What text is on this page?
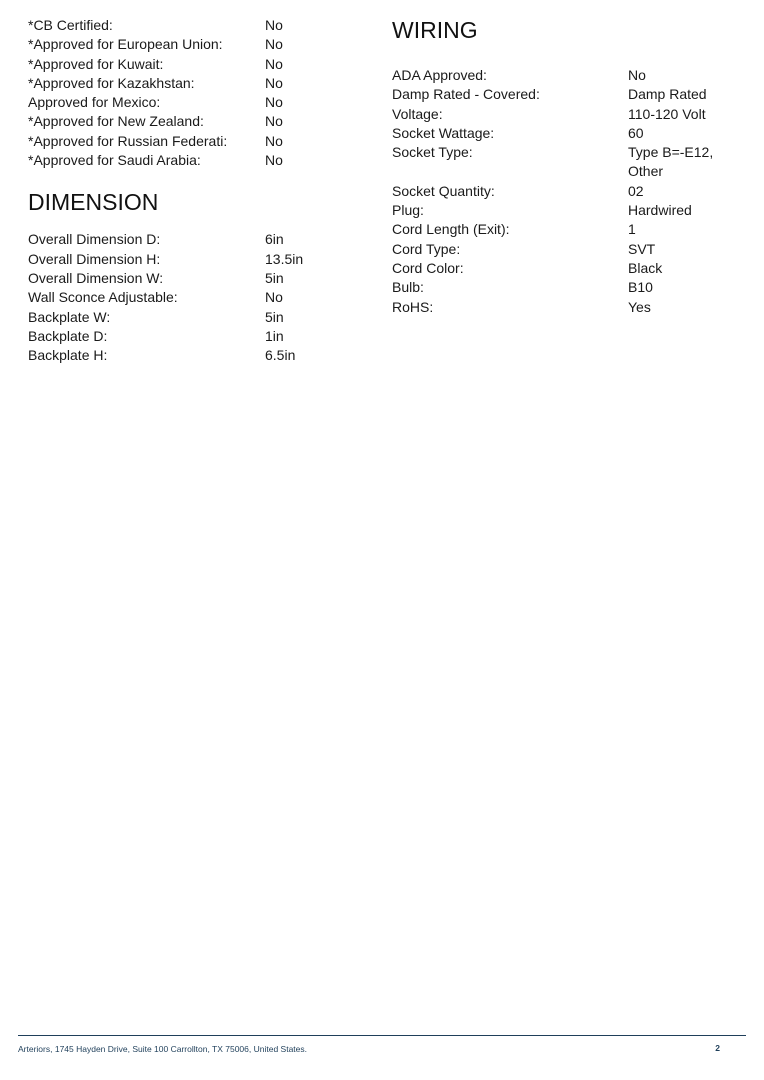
*CB Certified:	No
*Approved for European Union:	No
*Approved for Kuwait:	No
*Approved for Kazakhstan:	No
Approved for Mexico:	No
*Approved for New Zealand:	No
*Approved for Russian Federati:	No
*Approved for Saudi Arabia:	No
DIMENSION
Overall Dimension D:	6in
Overall Dimension H:	13.5in
Overall Dimension W:	5in
Wall Sconce Adjustable:	No
Backplate W:	5in
Backplate D:	1in
Backplate H:	6.5in
WIRING
ADA Approved:	No
Damp Rated - Covered:	Damp Rated
Voltage:	110-120 Volt
Socket Wattage:	60
Socket Type:	Type B=-E12, Other
Socket Quantity:	02
Plug:	Hardwired
Cord Length (Exit):	1
Cord Type:	SVT
Cord Color:	Black
Bulb:	B10
RoHS:	Yes
Arteriors, 1745 Hayden Drive, Suite 100 Carrollton, TX 75006, United States.	2
